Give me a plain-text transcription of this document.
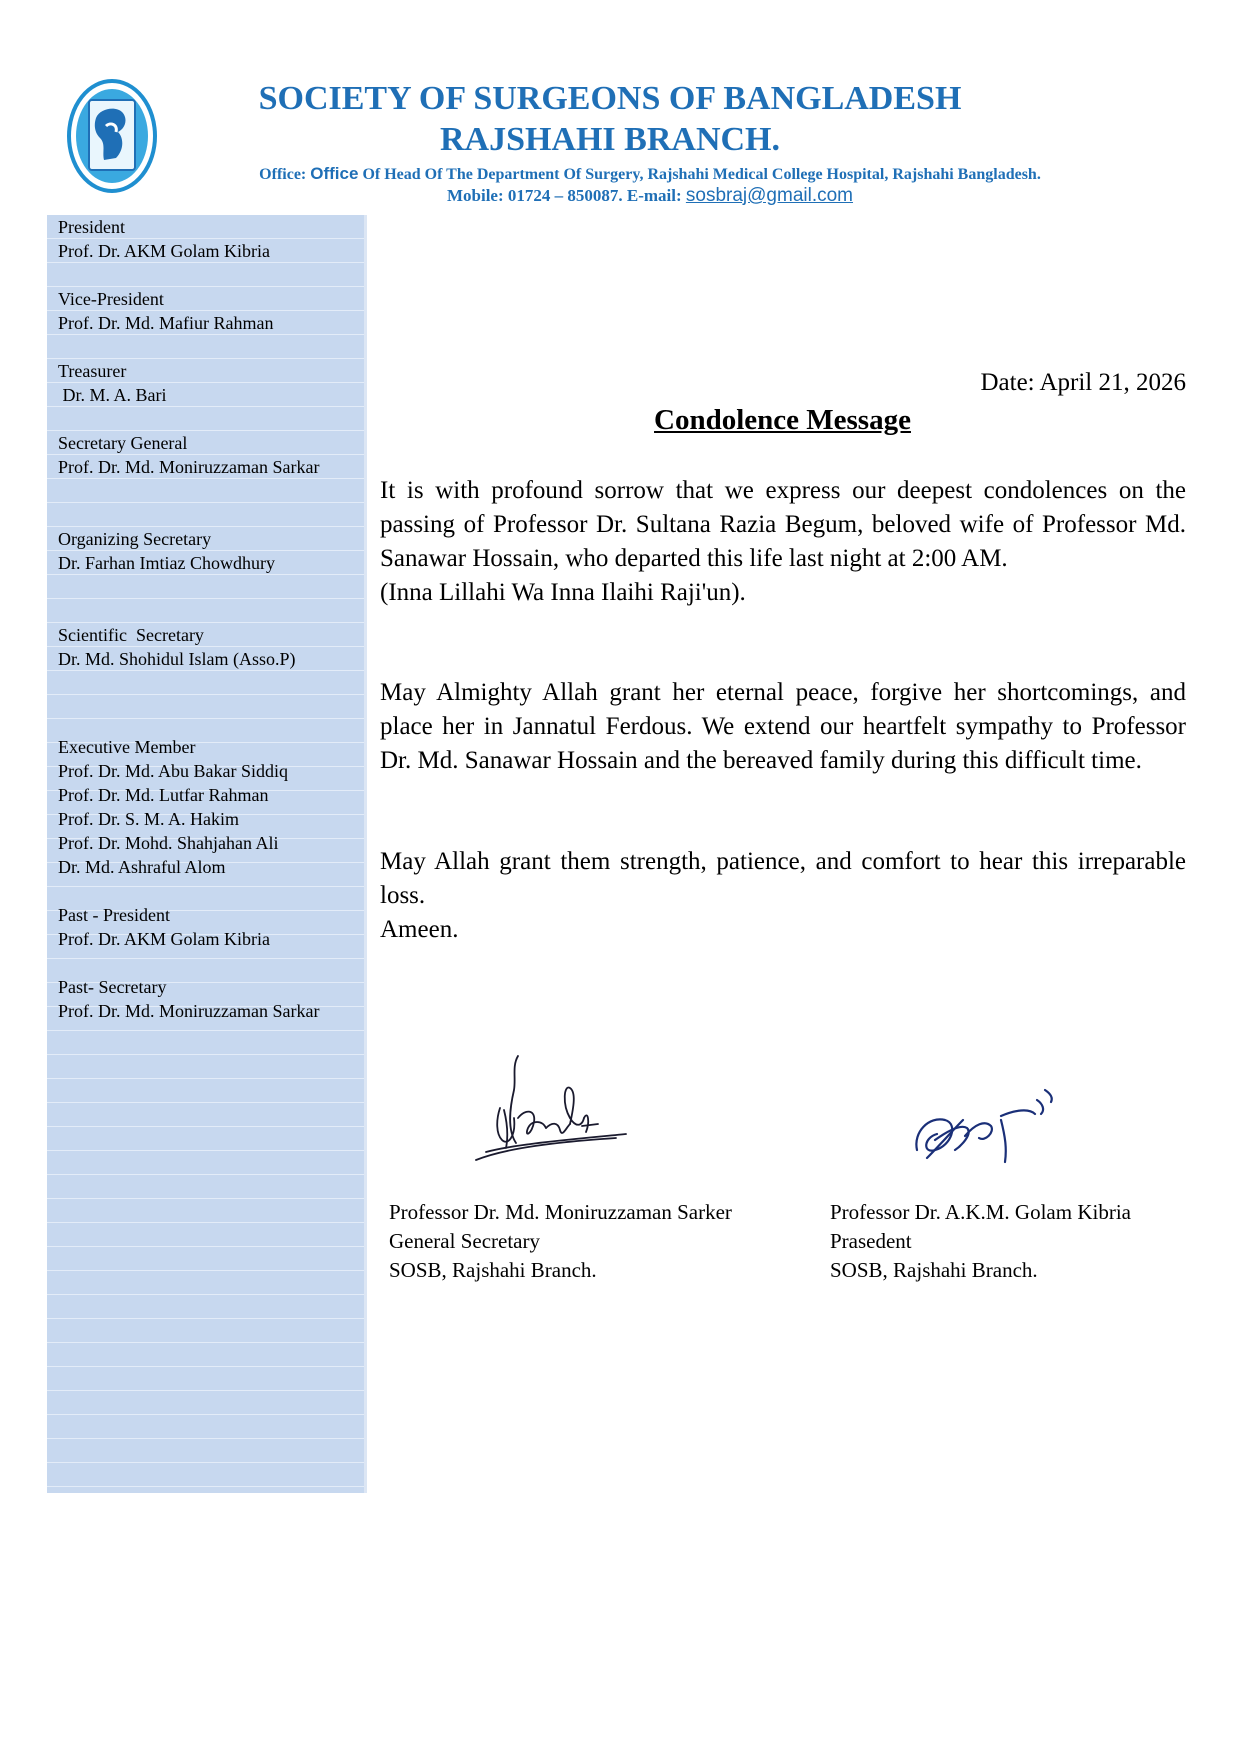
SOCIETY OF SURGEONS OF BANGLADESH
RAJSHAHI BRANCH.
Office: Office Of Head Of The Department Of Surgery, Rajshahi Medical College Hospital, Rajshahi Bangladesh.
Mobile: 01724 – 850087. E-mail: sosbraj@gmail.com
President
Prof. Dr. AKM Golam Kibria
Vice-President
Prof. Dr. Md. Mafiur Rahman
Treasurer
Dr. M. A. Bari
Secretary General
Prof. Dr. Md. Moniruzzaman Sarkar
Organizing Secretary
Dr. Farhan Imtiaz Chowdhury
Scientific  Secretary
Dr. Md. Shohidul Islam (Asso.P)
Executive Member
Prof. Dr. Md. Abu Bakar Siddiq
Prof. Dr. Md. Lutfar Rahman
Prof. Dr. S. M. A. Hakim
Prof. Dr. Mohd. Shahjahan Ali
Dr. Md. Ashraful Alom
Past - President
Prof. Dr. AKM Golam Kibria
Past- Secretary
Prof. Dr. Md. Moniruzzaman Sarkar
Date: April 21, 2026
Condolence Message
It is with profound sorrow that we express our deepest condolences on the passing of Professor Dr. Sultana Razia Begum, beloved wife of Professor Md. Sanawar Hossain, who departed this life last night at 2:00 AM.
(Inna Lillahi Wa Inna Ilaihi Raji'un).
May Almighty Allah grant her eternal peace, forgive her shortcomings, and place her in Jannatul Ferdous. We extend our heartfelt sympathy to Professor Dr. Md. Sanawar Hossain and the bereaved family during this difficult time.
May Allah grant them strength, patience, and comfort to hear this irreparable loss.
Ameen.
Professor Dr. Md. Moniruzzaman Sarker
General Secretary
SOSB, Rajshahi Branch.
Professor Dr. A.K.M. Golam Kibria
Prasedent
SOSB, Rajshahi Branch.
